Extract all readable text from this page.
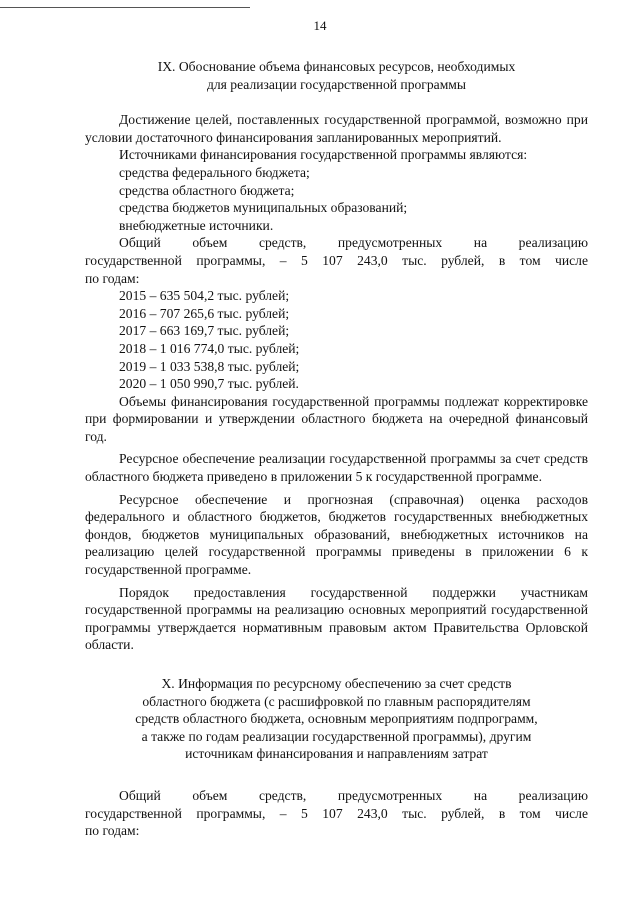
14
IX. Обоснование объема финансовых ресурсов, необходимых
для реализации государственной программы

Достижение целей, поставленных государственной программой, возможно при условии достаточного финансирования запланированных мероприятий.

Источниками финансирования государственной программы являются:

средства федерального бюджета;
средства областного бюджета;
средства бюджетов муниципальных образований;
внебюджетные источники.

Общий объем средств, предусмотренных на реализацию

государственной программы, – 5 107 243,0 тыс. рублей, в том числе

по годам:

2015 – 635 504,2 тыс. рублей;
2016 – 707 265,6 тыс. рублей;
2017 – 663 169,7 тыс. рублей;
2018 – 1 016 774,0 тыс. рублей;
2019 – 1 033 538,8 тыс. рублей;
2020 – 1 050 990,7 тыс. рублей.

Объемы финансирования государственной программы подлежат корректировке при формировании и утверждении областного бюджета на очередной финансовый год.

Ресурсное обеспечение реализации государственной программы за счет средств областного бюджета приведено в приложении 5 к государственной программе.

Ресурсное обеспечение и прогнозная (справочная) оценка расходов федерального и областного бюджетов, бюджетов государственных внебюджетных фондов, бюджетов муниципальных образований, внебюджетных источников на реализацию целей государственной программы приведены в приложении 6 к государственной программе.

Порядок предоставления государственной поддержки участникам государственной программы на реализацию основных мероприятий государственной программы утверждается нормативным правовым актом Правительства Орловской области.

X. Информация по ресурсному обеспечению за счет средств
областного бюджета (с расшифровкой по главным распорядителям
средств областного бюджета, основным мероприятиям подпрограмм,
а также по годам реализации государственной программы), другим
источникам финансирования и направлениям затрат

Общий объем средств, предусмотренных на реализацию

государственной программы, – 5 107 243,0 тыс. рублей, в том числе

по годам:
